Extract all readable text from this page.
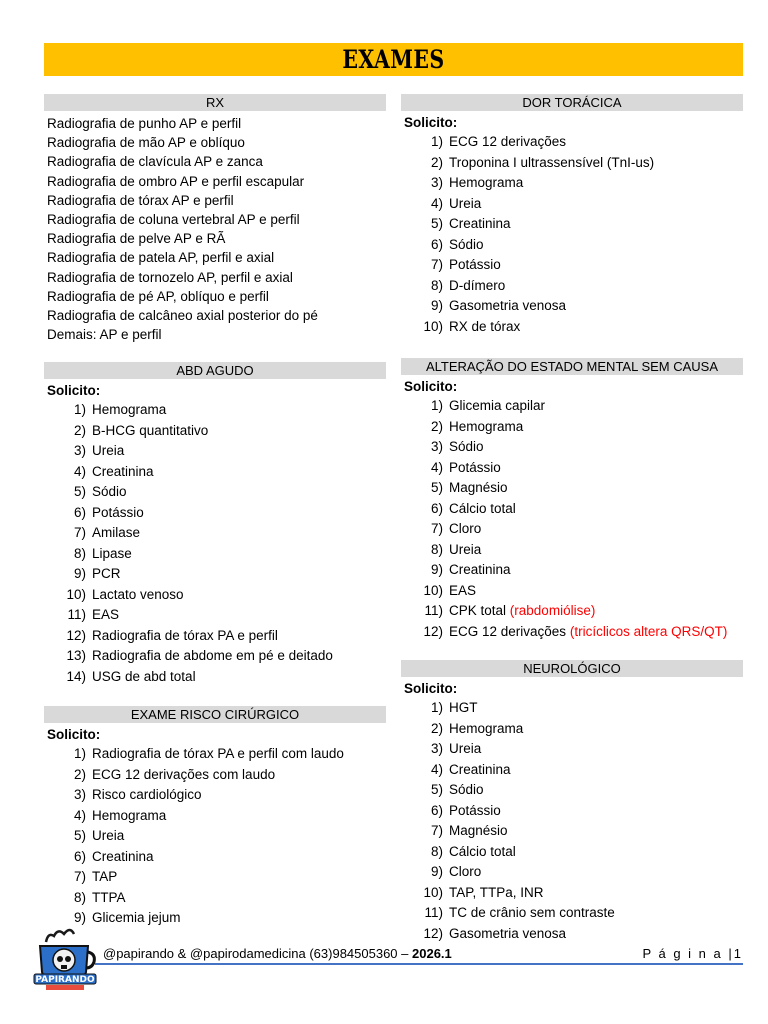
EXAMES
RX
Radiografia de punho AP e perfil
Radiografia de mão AP e oblíquo
Radiografia de clavícula AP e zanca
Radiografia de ombro AP e perfil escapular
Radiografia de tórax AP e perfil
Radiografia de coluna vertebral AP e perfil
Radiografia de pelve AP e RÃ
Radiografia de patela AP, perfil e axial
Radiografia de tornozelo AP, perfil e axial
Radiografia de pé AP, oblíquo e perfil
Radiografia de calcâneo axial posterior do pé
Demais: AP e perfil
ABD AGUDO
Solicito:
1) Hemograma
2) B-HCG quantitativo
3) Ureia
4) Creatinina
5) Sódio
6) Potássio
7) Amilase
8) Lipase
9) PCR
10) Lactato venoso
11) EAS
12) Radiografia de tórax PA e perfil
13) Radiografia de abdome em pé e deitado
14) USG de abd total
EXAME RISCO CIRÚRGICO
Solicito:
1) Radiografia de tórax PA e perfil com laudo
2) ECG 12 derivações com laudo
3) Risco cardiológico
4) Hemograma
5) Ureia
6) Creatinina
7) TAP
8) TTPA
9) Glicemia jejum
DOR TORÁCICA
Solicito:
1) ECG 12 derivações
2) Troponina I ultrassensível (TnI-us)
3) Hemograma
4) Ureia
5) Creatinina
6) Sódio
7) Potássio
8) D-dímero
9) Gasometria venosa
10) RX de tórax
ALTERAÇÃO DO ESTADO MENTAL SEM CAUSA
Solicito:
1) Glicemia capilar
2) Hemograma
3) Sódio
4) Potássio
5) Magnésio
6) Cálcio total
7) Cloro
8) Ureia
9) Creatinina
10) EAS
11) CPK total (rabdomiólise)
12) ECG 12 derivações (tricíclicos altera QRS/QT)
NEUROLÓGICO
Solicito:
1) HGT
2) Hemograma
3) Ureia
4) Creatinina
5) Sódio
6) Potássio
7) Magnésio
8) Cálcio total
9) Cloro
10) TAP, TTPa, INR
11) TC de crânio sem contraste
12) Gasometria venosa
PAPIRANDO
@papirando & @papirodamedicina (63)984505360 – 2026.1	P á g i n a |1
